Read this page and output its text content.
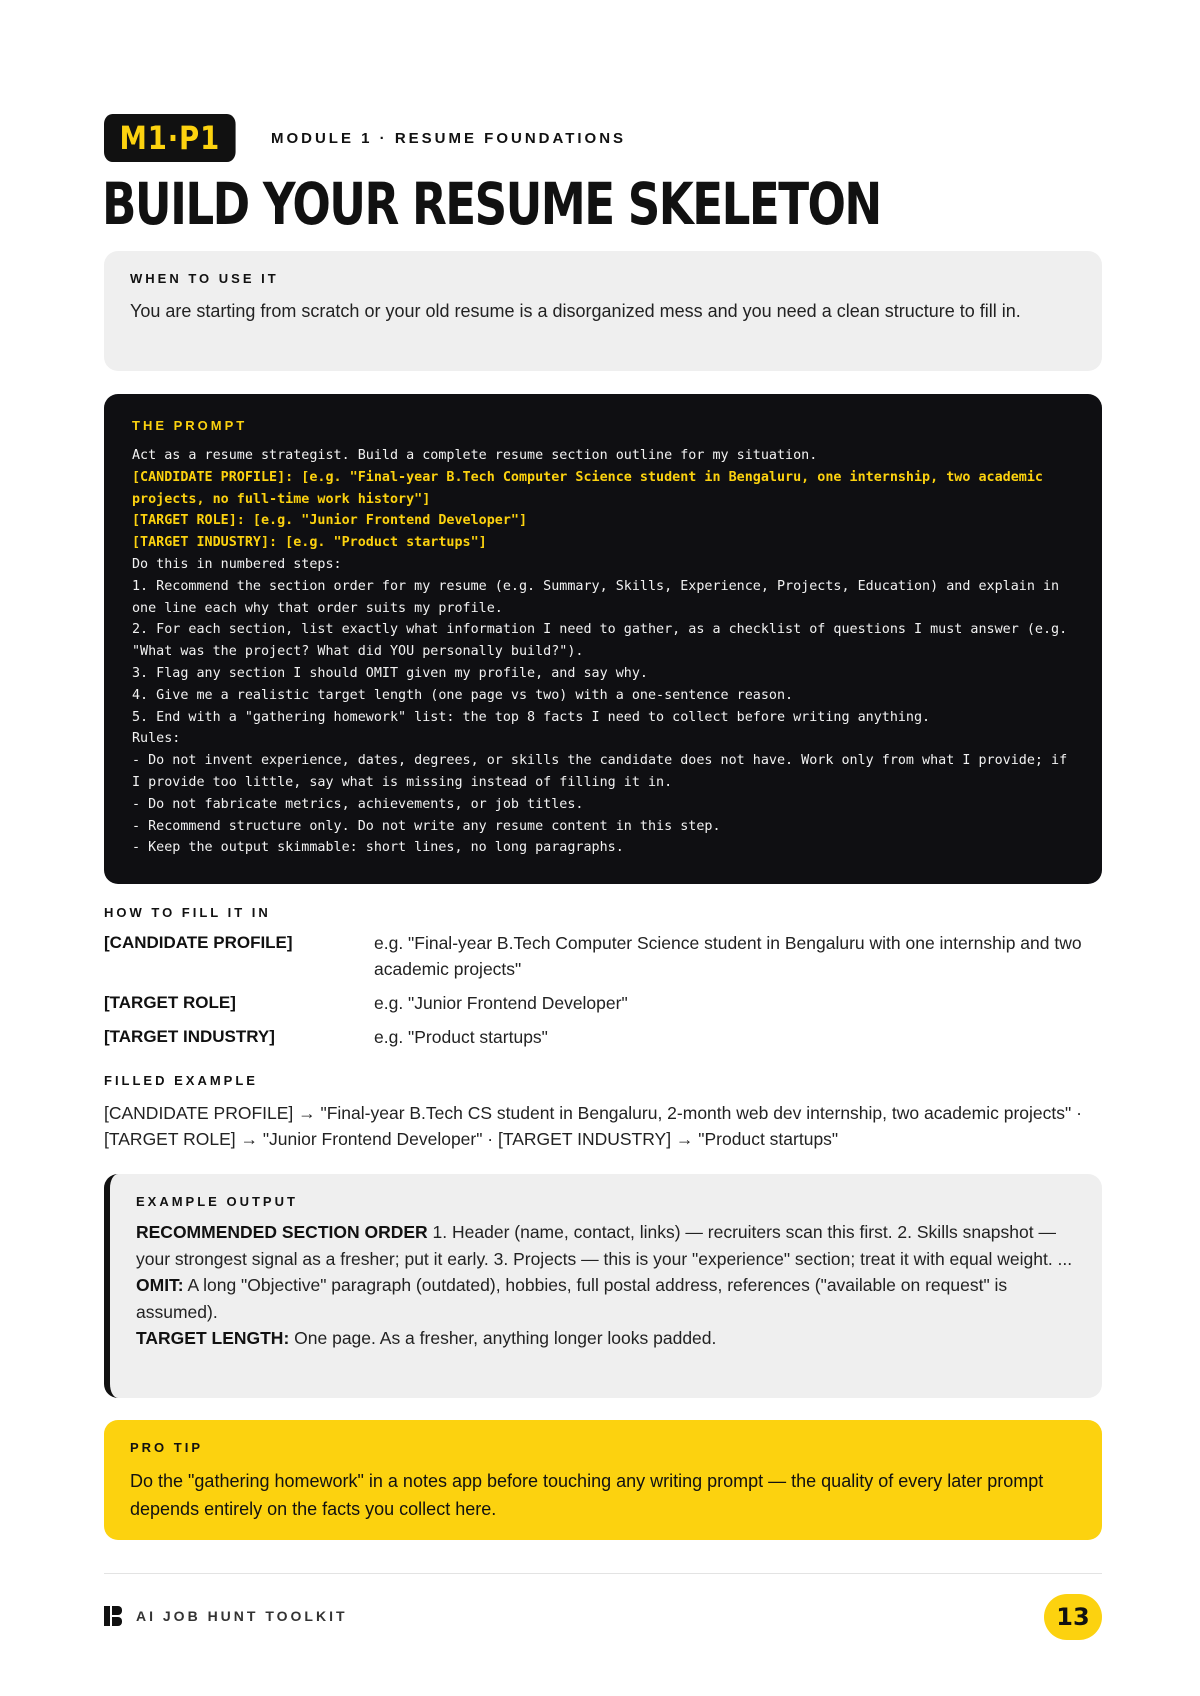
M1·P1	MODULE 1 · RESUME FOUNDATIONS
BUILD YOUR RESUME SKELETON
WHEN TO USE IT

You are starting from scratch or your old resume is a disorganized mess and you need a clean structure to fill in.

THE PROMPT
Act as a resume strategist. Build a complete resume section outline for my situation.
[CANDIDATE PROFILE]: [e.g. "Final-year B.Tech Computer Science student in Bengaluru, one internship, two academic projects, no full-time work history"]
[TARGET ROLE]: [e.g. "Junior Frontend Developer"]
[TARGET INDUSTRY]: [e.g. "Product startups"]
Do this in numbered steps:
1. Recommend the section order for my resume (e.g. Summary, Skills, Experience, Projects, Education) and explain in one line each why that order suits my profile.
2. For each section, list exactly what information I need to gather, as a checklist of questions I must answer (e.g. "What was the project? What did YOU personally build?").
3. Flag any section I should OMIT given my profile, and say why.
4. Give me a realistic target length (one page vs two) with a one-sentence reason.
5. End with a "gathering homework" list: the top 8 facts I need to collect before writing anything.
Rules:
- Do not invent experience, dates, degrees, or skills the candidate does not have. Work only from what I provide; if I provide too little, say what is missing instead of filling it in.
- Do not fabricate metrics, achievements, or job titles.
- Recommend structure only. Do not write any resume content in this step.
- Keep the output skimmable: short lines, no long paragraphs.
HOW TO FILL IT IN
[CANDIDATE PROFILE]	e.g. "Final-year B.Tech Computer Science student in Bengaluru with one internship and two academic projects"
[TARGET ROLE]	e.g. "Junior Frontend Developer"
[TARGET INDUSTRY]	e.g. "Product startups"
FILLED EXAMPLE

[CANDIDATE PROFILE] → "Final-year B.Tech CS student in Bengaluru, 2-month web dev internship, two academic projects" · [TARGET ROLE] → "Junior Frontend Developer" · [TARGET INDUSTRY] → "Product startups"

EXAMPLE OUTPUT

RECOMMENDED SECTION ORDER 1. Header (name, contact, links) — recruiters scan this first. 2. Skills snapshot — your strongest signal as a fresher; put it early. 3. Projects — this is your "experience" section; treat it with equal weight. ...

OMIT: A long "Objective" paragraph (outdated), hobbies, full postal address, references ("available on request" is assumed).

TARGET LENGTH: One page. As a fresher, anything longer looks padded.

PRO TIP

Do the "gathering homework" in a notes app before touching any writing prompt — the quality of every later prompt depends entirely on the facts you collect here.

AI JOB HUNT TOOLKIT	13
